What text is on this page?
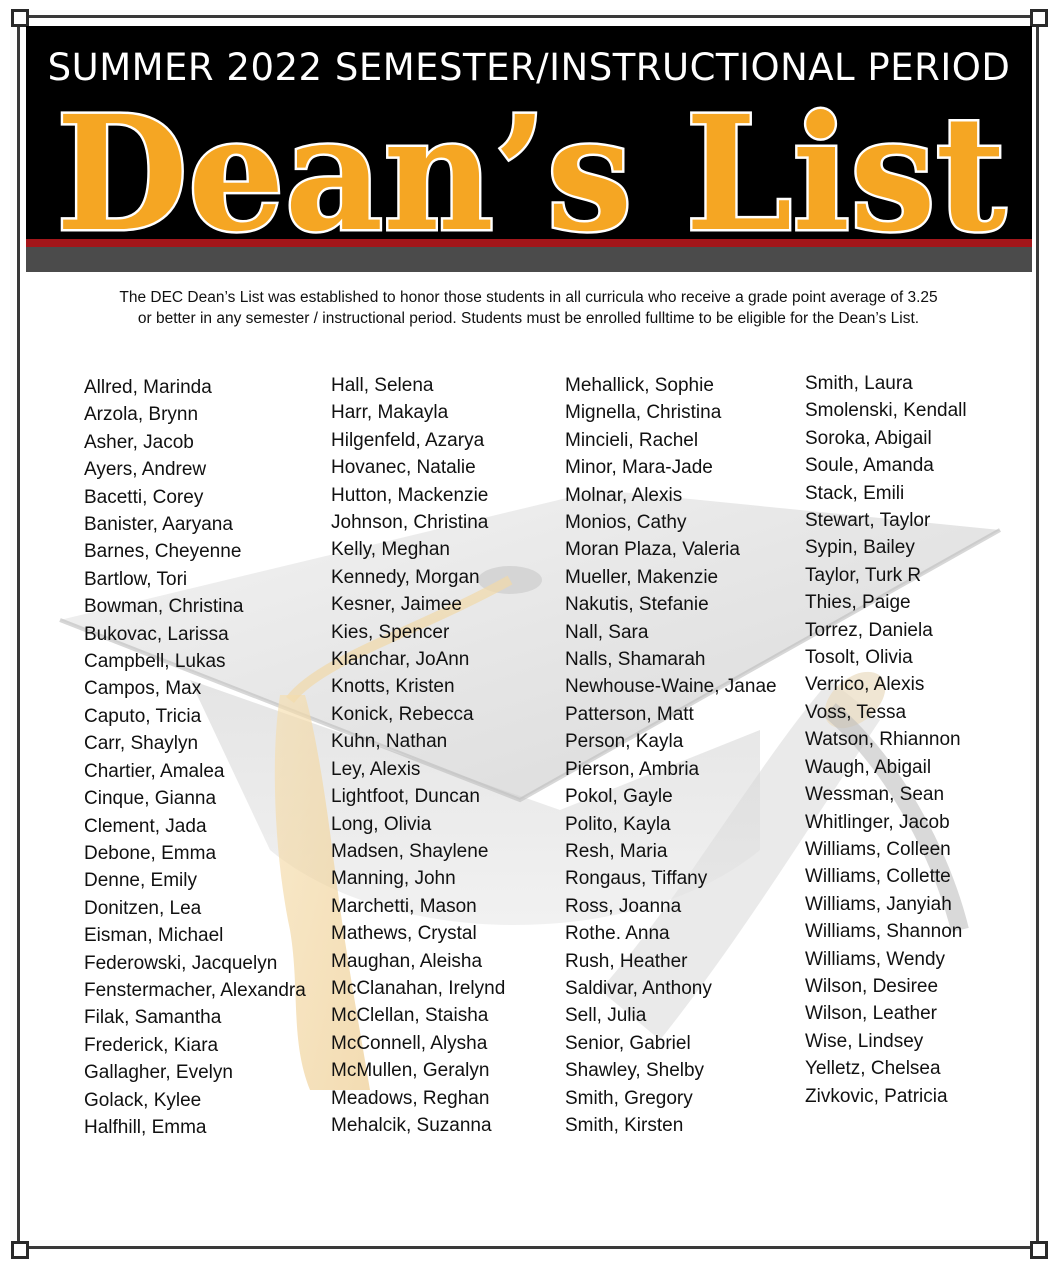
SUMMER 2022 SEMESTER/INSTRUCTIONAL PERIOD
Dean’s List
The DEC Dean’s List was established to honor those students in all curricula who receive a grade point average of 3.25
or better in any semester / instructional period. Students must be enrolled fulltime to be eligible for the Dean’s List.
Allred, Marinda
Arzola, Brynn
Asher, Jacob
Ayers, Andrew
Bacetti, Corey
Banister, Aaryana
Barnes, Cheyenne
Bartlow, Tori
Bowman, Christina
Bukovac, Larissa
Campbell, Lukas
Campos, Max
Caputo, Tricia
Carr, Shaylyn
Chartier, Amalea
Cinque, Gianna
Clement, Jada
Debone, Emma
Denne, Emily
Donitzen, Lea
Eisman, Michael
Federowski, Jacquelyn
Fenstermacher, Alexandra
Filak, Samantha
Frederick, Kiara
Gallagher, Evelyn
Golack, Kylee
Halfhill, Emma
Hall, Selena
Harr, Makayla
Hilgenfeld, Azarya
Hovanec, Natalie
Hutton, Mackenzie
Johnson, Christina
Kelly, Meghan
Kennedy, Morgan
Kesner, Jaimee
Kies, Spencer
Klanchar, JoAnn
Knotts, Kristen
Konick, Rebecca
Kuhn, Nathan
Ley, Alexis
Lightfoot, Duncan
Long, Olivia
Madsen, Shaylene
Manning, John
Marchetti, Mason
Mathews, Crystal
Maughan, Aleisha
McClanahan, Irelynd
McClellan, Staisha
McConnell, Alysha
McMullen, Geralyn
Meadows, Reghan
Mehalcik, Suzanna
Mehallick, Sophie
Mignella, Christina
Mincieli, Rachel
Minor, Mara-Jade
Molnar, Alexis
Monios, Cathy
Moran Plaza, Valeria
Mueller, Makenzie
Nakutis, Stefanie
Nall, Sara
Nalls, Shamarah
Newhouse-Waine, Janae
Patterson, Matt
Person, Kayla
Pierson, Ambria
Pokol, Gayle
Polito, Kayla
Resh, Maria
Rongaus, Tiffany
Ross, Joanna
Rothe. Anna
Rush, Heather
Saldivar, Anthony
Sell, Julia
Senior, Gabriel
Shawley, Shelby
Smith, Gregory
Smith, Kirsten
Smith, Laura
Smolenski, Kendall
Soroka, Abigail
Soule, Amanda
Stack, Emili
Stewart, Taylor
Sypin, Bailey
Taylor, Turk R
Thies, Paige
Torrez, Daniela
Tosolt, Olivia
Verrico, Alexis
Voss, Tessa
Watson, Rhiannon
Waugh, Abigail
Wessman, Sean
Whitlinger, Jacob
Williams, Colleen
Williams, Collette
Williams, Janyiah
Williams, Shannon
Williams, Wendy
Wilson, Desiree
Wilson, Leather
Wise, Lindsey
Yelletz, Chelsea
Zivkovic, Patricia
